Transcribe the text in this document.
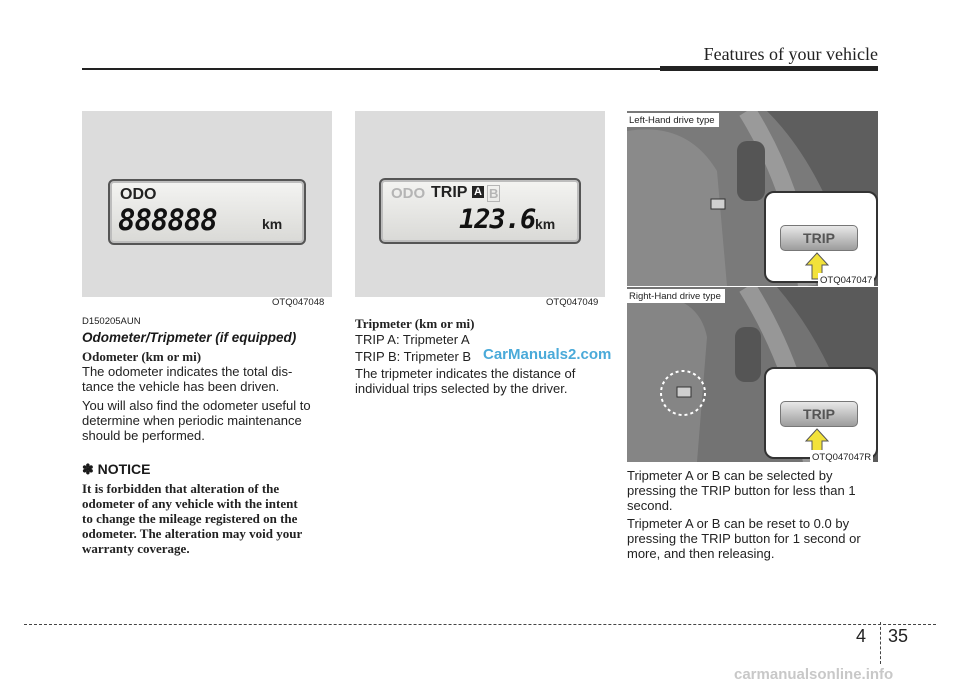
Features of your vehicle
ODO
888888	km
OTQ047048
ODO TRIP A B
123.6 km
OTQ047049
TRIP
Left-Hand drive type
OTQ047047
TRIP
Right-Hand drive type
OTQ047047R
D150205AUN
Odometer/Tripmeter (if equipped)
Odometer (km or mi)
The odometer indicates the total dis-
tance the vehicle has been driven.
You will also find the odometer useful to
determine when periodic maintenance
should be performed.
✽ NOTICE
It is forbidden that alteration of the
odometer of any vehicle with the intent
to change the mileage registered on the
odometer. The alteration may void your
warranty coverage.
Tripmeter (km or mi)
TRIP A: Tripmeter A
TRIP B: Tripmeter B CarManuals2.com
The tripmeter indicates the distance of
individual trips selected by the driver.
Tripmeter A or B can be selected by
pressing the TRIP button for less than 1
second.
Tripmeter A or B can be reset to 0.0 by
pressing the TRIP button for 1 second or
more, and then releasing.
4 35
carmanualsonline.info
